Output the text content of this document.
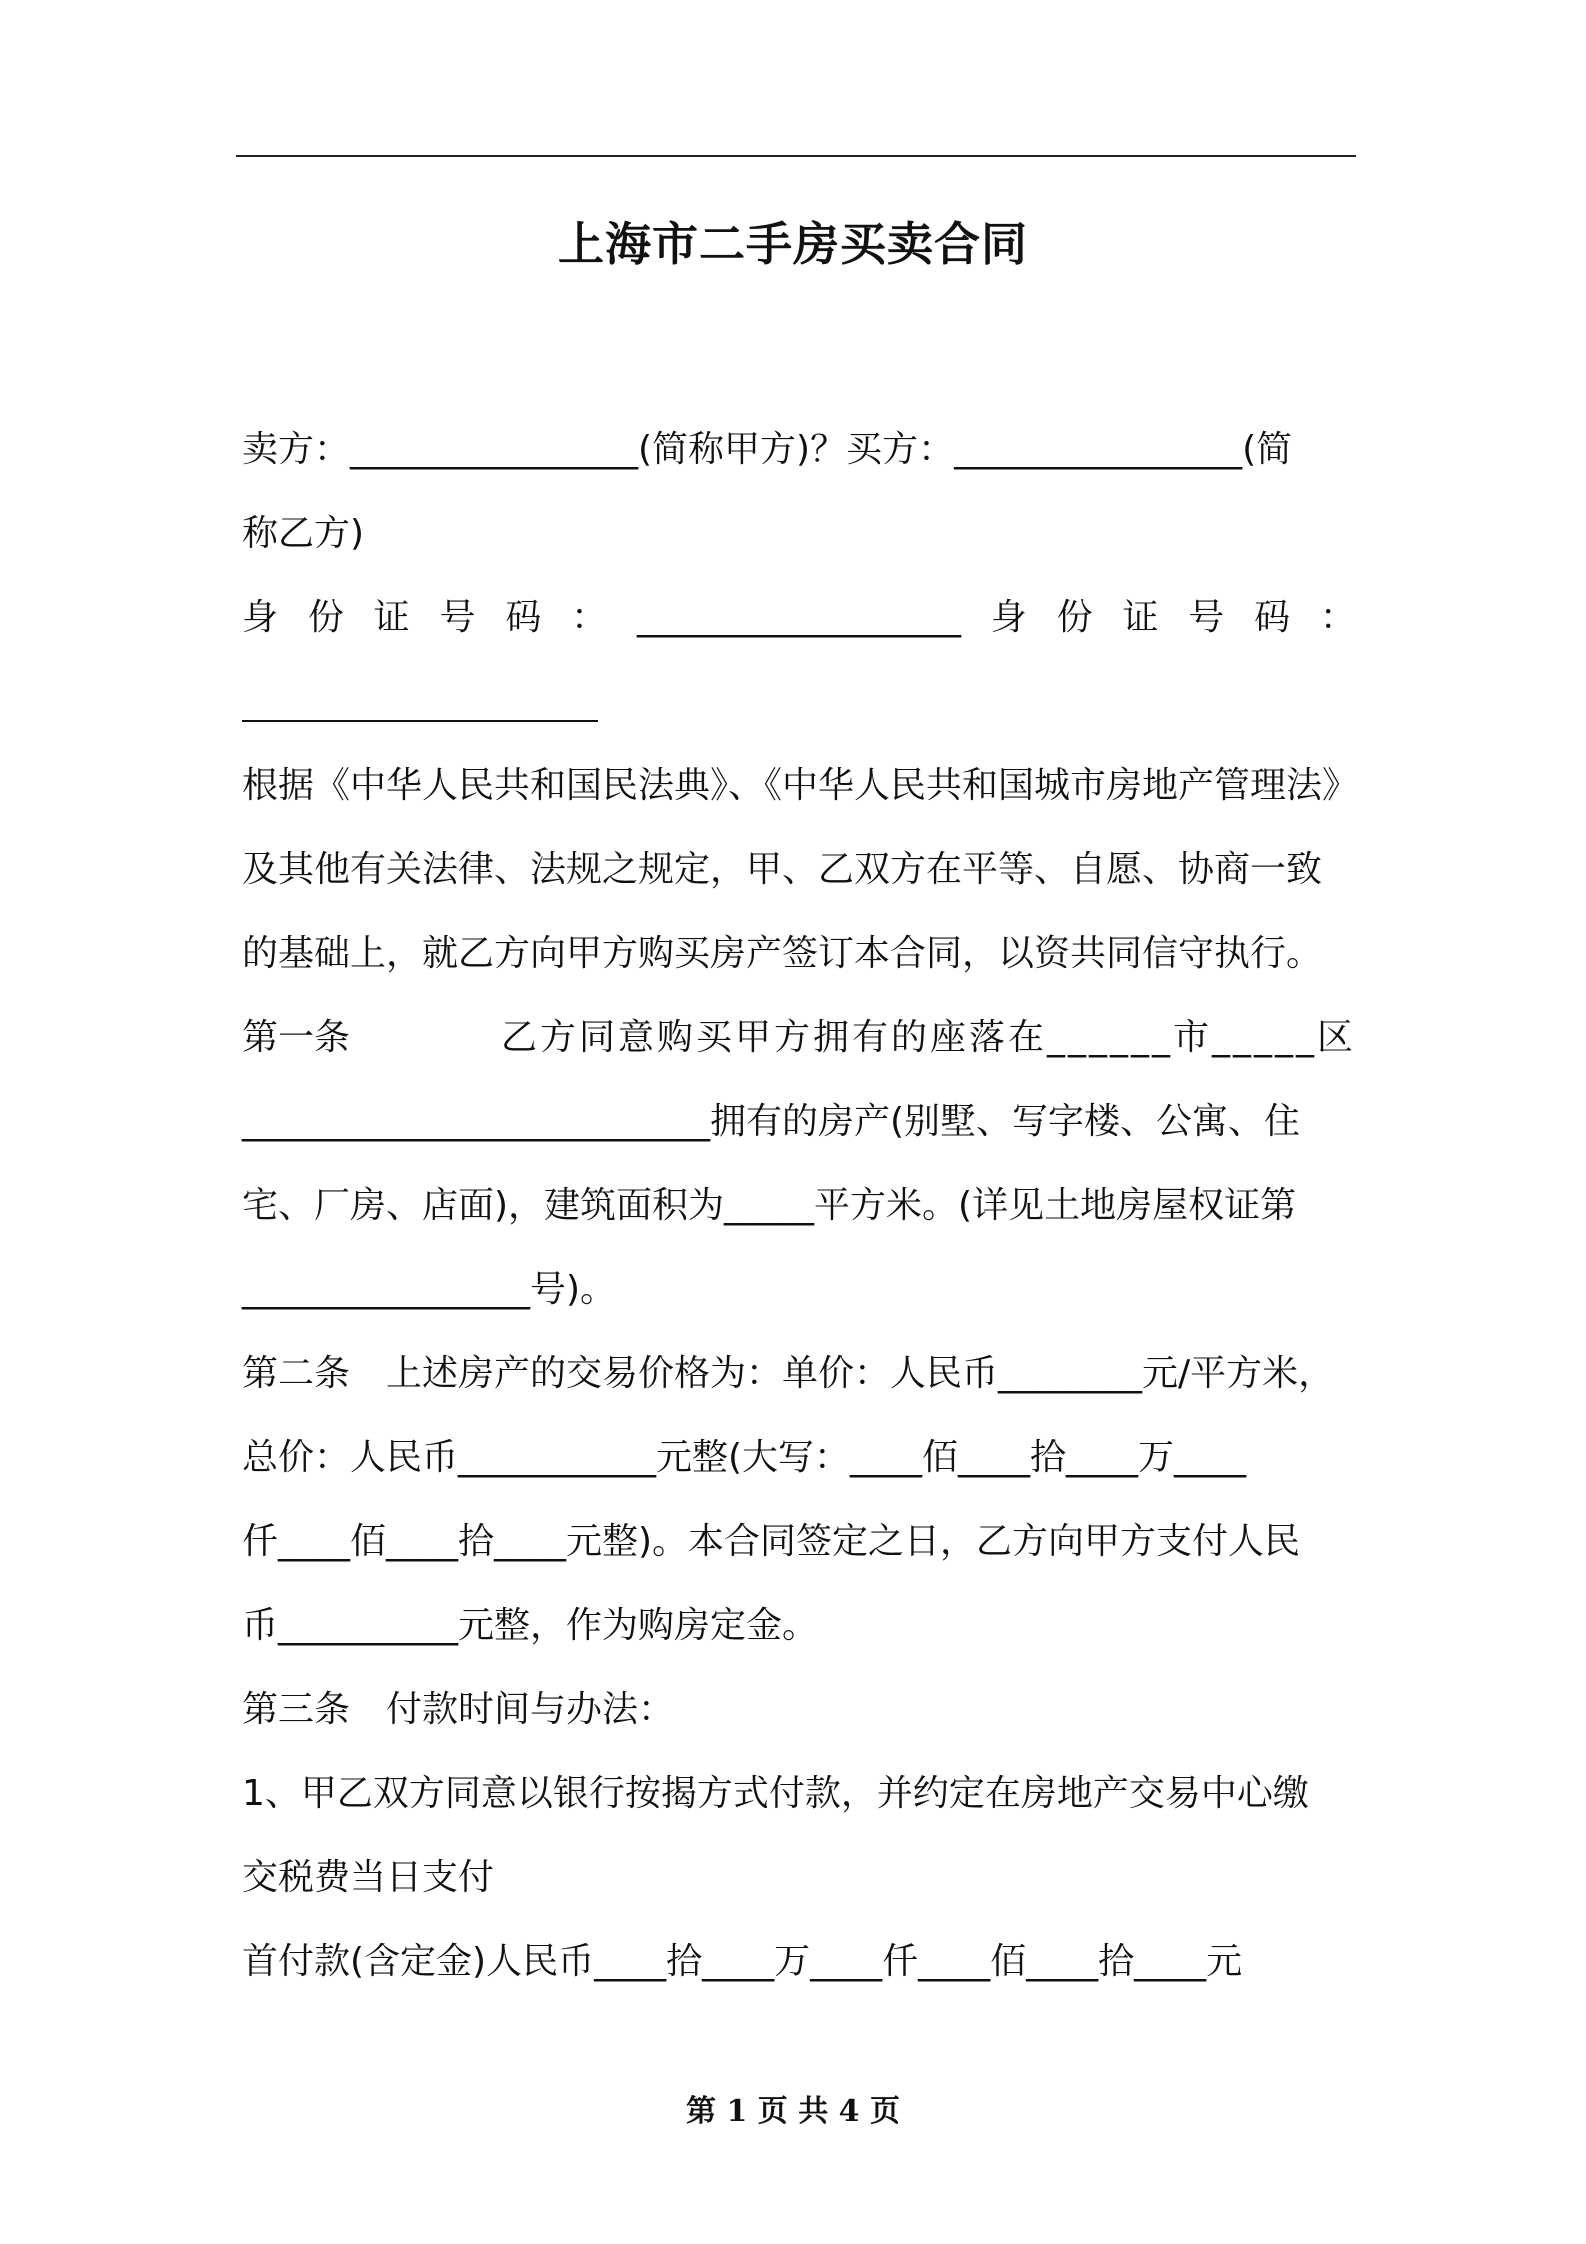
上海市二手房买卖合同
卖方：________________(简称甲方)？买方：________________(简
称乙方)
身 份 证 号 码 ： __________________ 身 份 证 号 码 ：
根据《中华人民共和国民法典》、《中华人民共和国城市房地产管理法》
及其他有关法律、法规之规定，甲、乙双方在平等、自愿、协商一致
的基础上，就乙方向甲方购买房产签订本合同，以资共同信守执行。
第一条	乙方同意购买甲方拥有的座落在______市_____区
__________________________拥有的房产(别墅、写字楼、公寓、住
宅、厂房、店面)，建筑面积为_____平方米。(详见土地房屋权证第
________________号)。
第二条　上述房产的交易价格为：单价：人民币________元/平方米，
总价：人民币___________元整(大写：____佰____拾____万____
仟____佰____拾____元整)。本合同签定之日，乙方向甲方支付人民
币__________元整，作为购房定金。
第三条　付款时间与办法：
1、甲乙双方同意以银行按揭方式付款，并约定在房地产交易中心缴
交税费当日支付
首付款(含定金)人民币____拾____万____仟____佰____拾____元
第 1 页 共 4 页
